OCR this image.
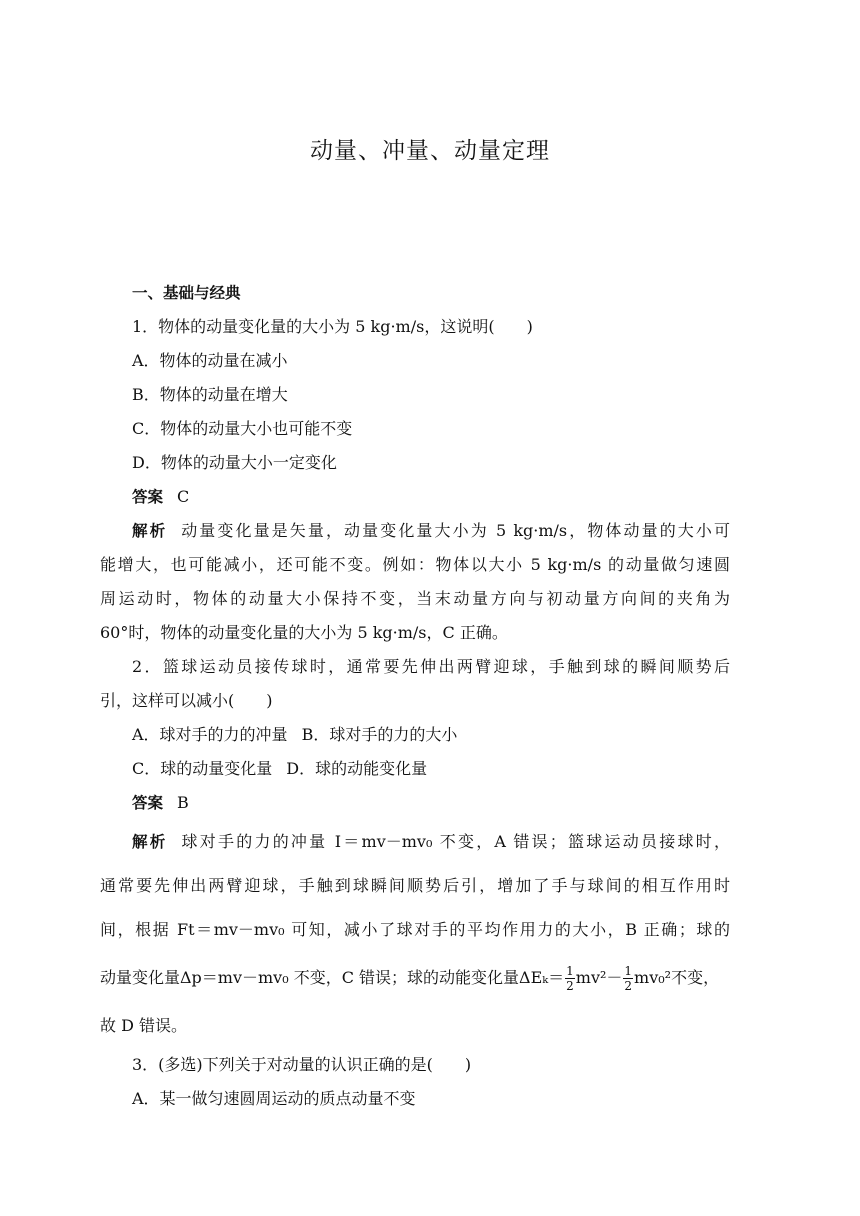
动量、冲量、动量定理
一、基础与经典
1．物体的动量变化量的大小为 5 kg·m/s，这说明(　　)
A．物体的动量在减小
B．物体的动量在增大
C．物体的动量大小也可能不变
D．物体的动量大小一定变化
答案 C
解析 动量变化量是矢量，动量变化量大小为 5 kg·m/s，物体动量的大小可
能增大，也可能减小，还可能不变。例如：物体以大小 5 kg·m/s 的动量做匀速圆
周运动时，物体的动量大小保持不变，当末动量方向与初动量方向间的夹角为
60°时，物体的动量变化量的大小为 5 kg·m/s，C 正确。
2．篮球运动员接传球时，通常要先伸出两臂迎球，手触到球的瞬间顺势后
引，这样可以减小(　　)
A．球对手的力的冲量 B．球对手的力的大小
C．球的动量变化量 D．球的动能变化量
答案 B
解析 球对手的力的冲量 I＝mv－mv₀ 不变，A 错误；篮球运动员接球时，
通常要先伸出两臂迎球，手触到球瞬间顺势后引，增加了手与球间的相互作用时
间，根据 Ft＝mv－mv₀ 可知，减小了球对手的平均作用力的大小，B 正确；球的
动量变化量Δp＝mv－mv₀ 不变，C 错误；球的动能变化量$\Delta E_k= \frac{1}{2} mv^2- \frac{1}{2} mv_0^2$不变，
故 D 错误。
3．(多选)下列关于对动量的认识正确的是(　　)
A．某一做匀速圆周运动的质点动量不变
